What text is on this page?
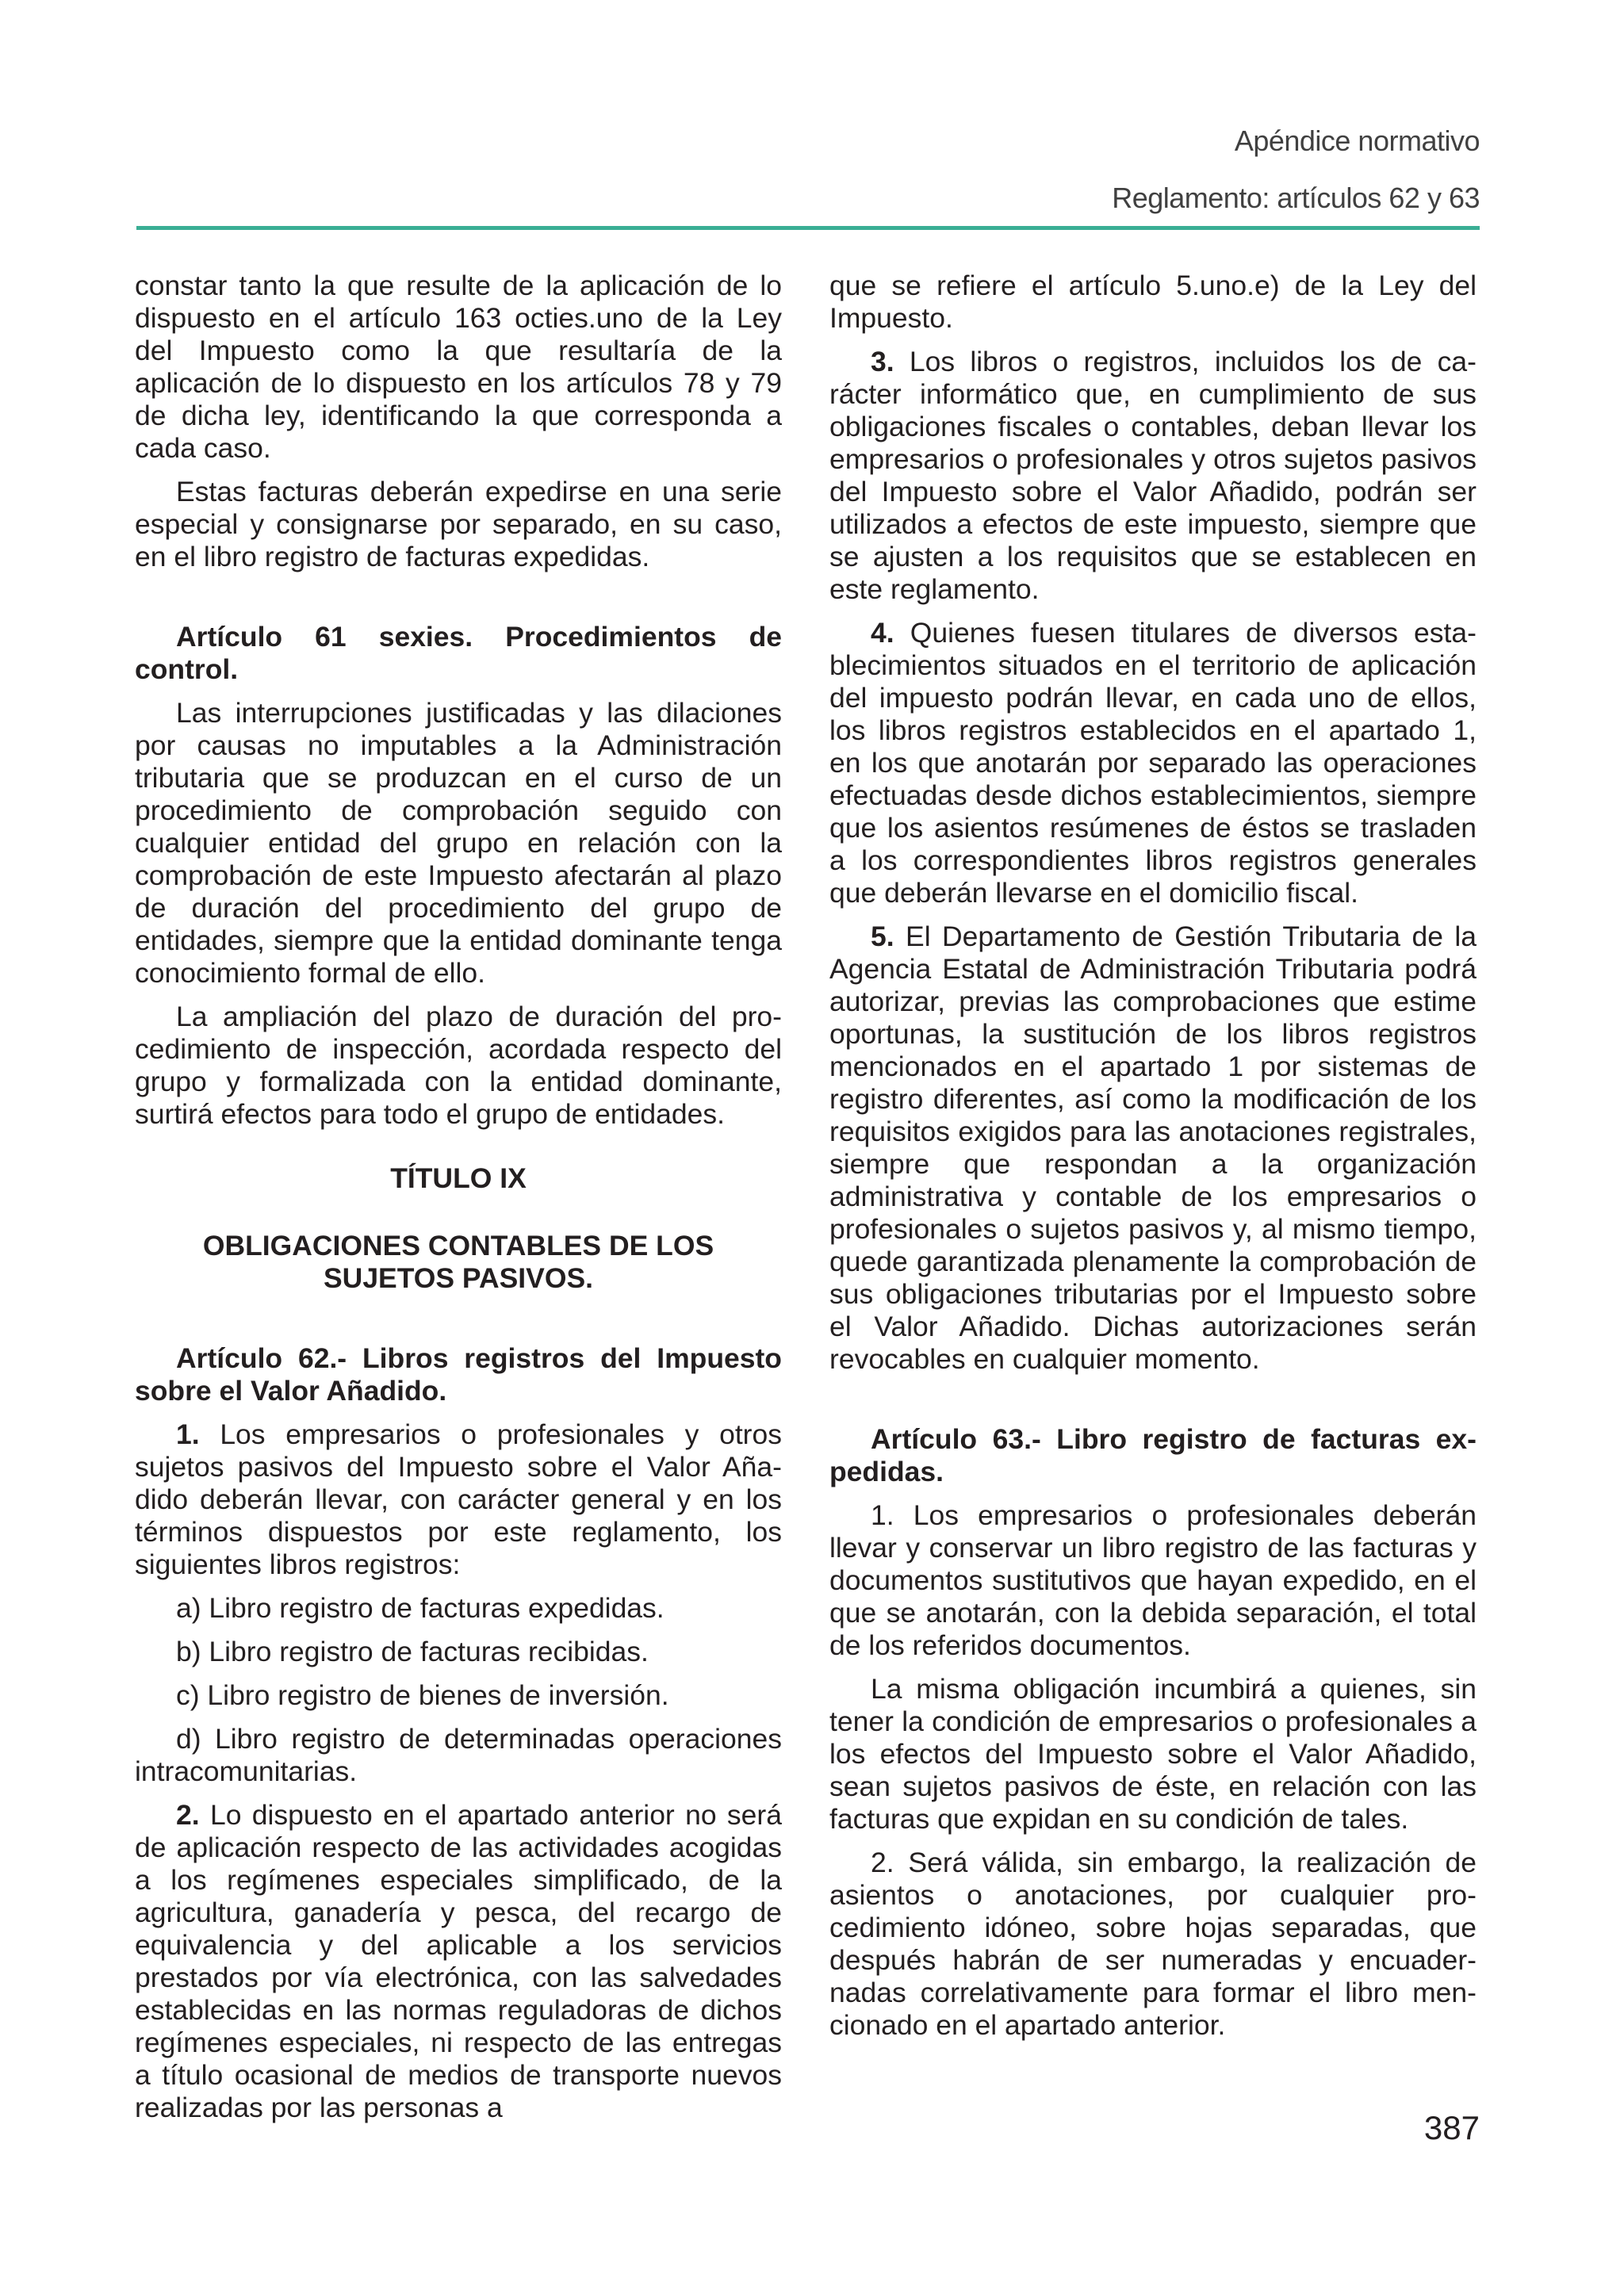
Apéndice normativo
Reglamento: artículos 62 y 63

constar tanto la que resulte de la aplicación de lo dispuesto en el artículo 163 octies.uno de la Ley del Impuesto como la que resultaría de la aplicación de lo dispuesto en los artículos 78 y 79 de dicha ley, identificando la que corresponda a cada caso.

Estas facturas deberán expedirse en una serie especial y consignarse por separado, en su caso, en el libro registro de facturas expedidas.

Artículo 61 sexies. Procedimientos de control.

Las interrupciones justificadas y las dilaciones por causas no imputables a la Administración tributaria que se produzcan en el curso de un procedimiento de comprobación seguido con cualquier entidad del grupo en relación con la comprobación de este Impuesto afectarán al plazo de duración del procedimiento del grupo de entidades, siempre que la entidad dominante tenga conocimiento formal de ello.

La ampliación del plazo de duración del procedimiento de inspección, acordada respecto del grupo y formalizada con la entidad dominante, surtirá efectos para todo el grupo de entidades.

TÍTULO IX
OBLIGACIONES CONTABLES DE LOS SUJETOS PASIVOS.
Artículo 62.- Libros registros del Impuesto sobre el Valor Añadido.

1. Los empresarios o profesionales y otros sujetos pasivos del Impuesto sobre el Valor Añadido deberán llevar, con carácter general y en los términos dispuestos por este reglamento, los siguientes libros registros:

a) Libro registro de facturas expedidas.

b) Libro registro de facturas recibidas.

c) Libro registro de bienes de inversión.

d) Libro registro de determinadas operaciones intracomunitarias.

2. Lo dispuesto en el apartado anterior no será de aplicación respecto de las actividades acogidas a los regímenes especiales simplificado, de la agricultura, ganadería y pesca, del recargo de equivalencia y del aplicable a los servicios prestados por vía electrónica, con las salvedades establecidas en las normas reguladoras de dichos regímenes especiales, ni respecto de las entregas a título ocasional de medios de transporte nuevos realizadas por las personas a

que se refiere el artículo 5.uno.e) de la Ley del Impuesto.

3. Los libros o registros, incluidos los de carácter informático que, en cumplimiento de sus obligaciones fiscales o contables, deban llevar los empresarios o profesionales y otros sujetos pasivos del Impuesto sobre el Valor Añadido, podrán ser utilizados a efectos de este impuesto, siempre que se ajusten a los requisitos que se establecen en este reglamento.

4. Quienes fuesen titulares de diversos establecimientos situados en el territorio de aplicación del impuesto podrán llevar, en cada uno de ellos, los libros registros establecidos en el apartado 1, en los que anotarán por separado las operaciones efectuadas desde dichos establecimientos, siempre que los asientos resúmenes de éstos se trasladen a los correspondientes libros registros generales que deberán llevarse en el domicilio fiscal.

5. El Departamento de Gestión Tributaria de la Agencia Estatal de Administración Tributaria podrá autorizar, previas las comprobaciones que estime oportunas, la sustitución de los libros registros mencionados en el apartado 1 por sistemas de registro diferentes, así como la modificación de los requisitos exigidos para las anotaciones registrales, siempre que respondan a la organización administrativa y contable de los empresarios o profesionales o sujetos pasivos y, al mismo tiempo, quede garantizada plenamente la comprobación de sus obligaciones tributarias por el Impuesto sobre el Valor Añadido. Dichas autorizaciones serán revocables en cualquier momento.

Artículo 63.- Libro registro de facturas expedidas.

1. Los empresarios o profesionales deberán llevar y conservar un libro registro de las facturas y documentos sustitutivos que hayan expedido, en el que se anotarán, con la debida separación, el total de los referidos documentos.

La misma obligación incumbirá a quienes, sin tener la condición de empresarios o profesionales a los efectos del Impuesto sobre el Valor Añadido, sean sujetos pasivos de éste, en relación con las facturas que expidan en su condición de tales.

2. Será válida, sin embargo, la realización de asientos o anotaciones, por cualquier procedimiento idóneo, sobre hojas separadas, que después habrán de ser numeradas y encuadernadas correlativamente para formar el libro mencionado en el apartado anterior.

387
